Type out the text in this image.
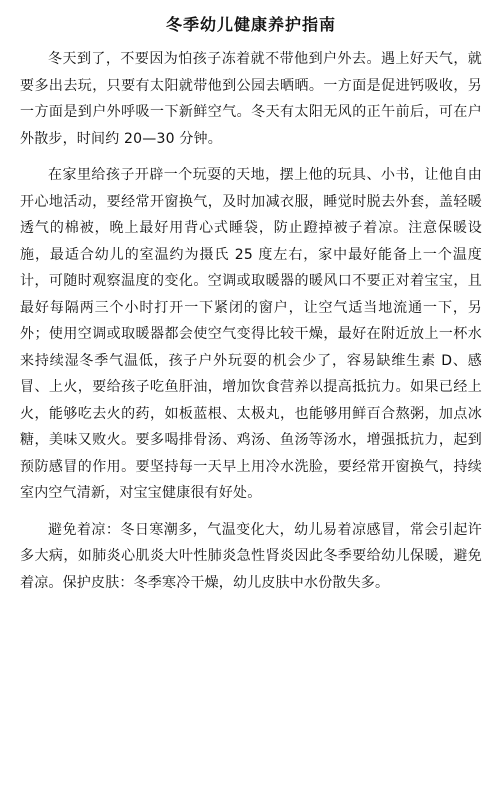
冬季幼儿健康养护指南

冬天到了，不要因为怕孩子冻着就不带他到户外去。遇上好天气，就要多出去玩，只要有太阳就带他到公园去晒晒。一方面是促进钙吸收，另一方面是到户外呼吸一下新鲜空气。冬天有太阳无风的正午前后，可在户外散步，时间约 20—30 分钟。

在家里给孩子开辟一个玩耍的天地，摆上他的玩具、小书，让他自由开心地活动，要经常开窗换气，及时加减衣服，睡觉时脱去外套，盖轻暖透气的棉被，晚上最好用背心式睡袋，防止蹬掉被子着凉。注意保暖设施，最适合幼儿的室温约为摄氏 25 度左右，家中最好能备上一个温度计，可随时观察温度的变化。空调或取暖器的暖风口不要正对着宝宝，且最好每隔两三个小时打开一下紧闭的窗户，让空气适当地流通一下，另外；使用空调或取暖器都会使空气变得比较干燥，最好在附近放上一杯水来持续湿冬季气温低，孩子户外玩耍的机会少了，容易缺维生素 D、感冒、上火，要给孩子吃鱼肝油，增加饮食营养以提高抵抗力。如果已经上火，能够吃去火的药，如板蓝根、太极丸，也能够用鲜百合熬粥，加点冰糖，美味又败火。要多喝排骨汤、鸡汤、鱼汤等汤水，增强抵抗力，起到预防感冒的作用。要坚持每一天早上用冷水洗脸，要经常开窗换气，持续室内空气清新，对宝宝健康很有好处。

避免着凉：冬日寒潮多，气温变化大，幼儿易着凉感冒，常会引起许多大病，如肺炎心肌炎大叶性肺炎急性肾炎因此冬季要给幼儿保暖，避免着凉。保护皮肤：冬季寒冷干燥，幼儿皮肤中水份散失多。
